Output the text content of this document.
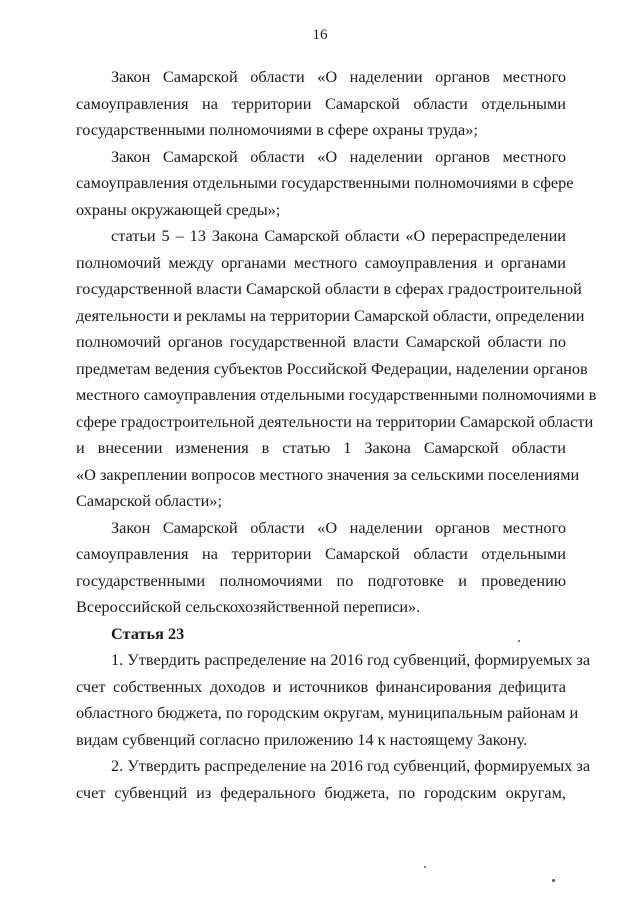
16

Закон Самарской области «О наделении органов местного
самоуправления на территории Самарской области отдельными
государственными полномочиями в сфере охраны труда»;

Закон Самарской области «О наделении органов местного
самоуправления отдельными государственными полномочиями в сфере
охраны окружающей среды»;

статьи 5 – 13 Закона Самарской области «О перераспределении
полномочий между органами местного самоуправления и органами
государственной власти Самарской области в сферах градостроительной
деятельности и рекламы на территории Самарской области, определении
полномочий органов государственной власти Самарской области по
предметам ведения субъектов Российской Федерации, наделении органов
местного самоуправления отдельными государственными полномочиями в
сфере градостроительной деятельности на территории Самарской области
и внесении изменения в статью 1 Закона Самарской области
«О закреплении вопросов местного значения за сельскими поселениями
Самарской области»;

Закон Самарской области «О наделении органов местного
самоуправления на территории Самарской области отдельными
государственными полномочиями по подготовке и проведению
Всероссийской сельскохозяйственной переписи».

Статья 23

1. Утвердить распределение на 2016 год субвенций, формируемых за
счет собственных доходов и источников финансирования дефицита
областного бюджета, по городским округам, муниципальным районам и
видам субвенций согласно приложению 14 к настоящему Закону.

2. Утвердить распределение на 2016 год субвенций, формируемых за
счет субвенций из федерального бюджета, по городским округам,
